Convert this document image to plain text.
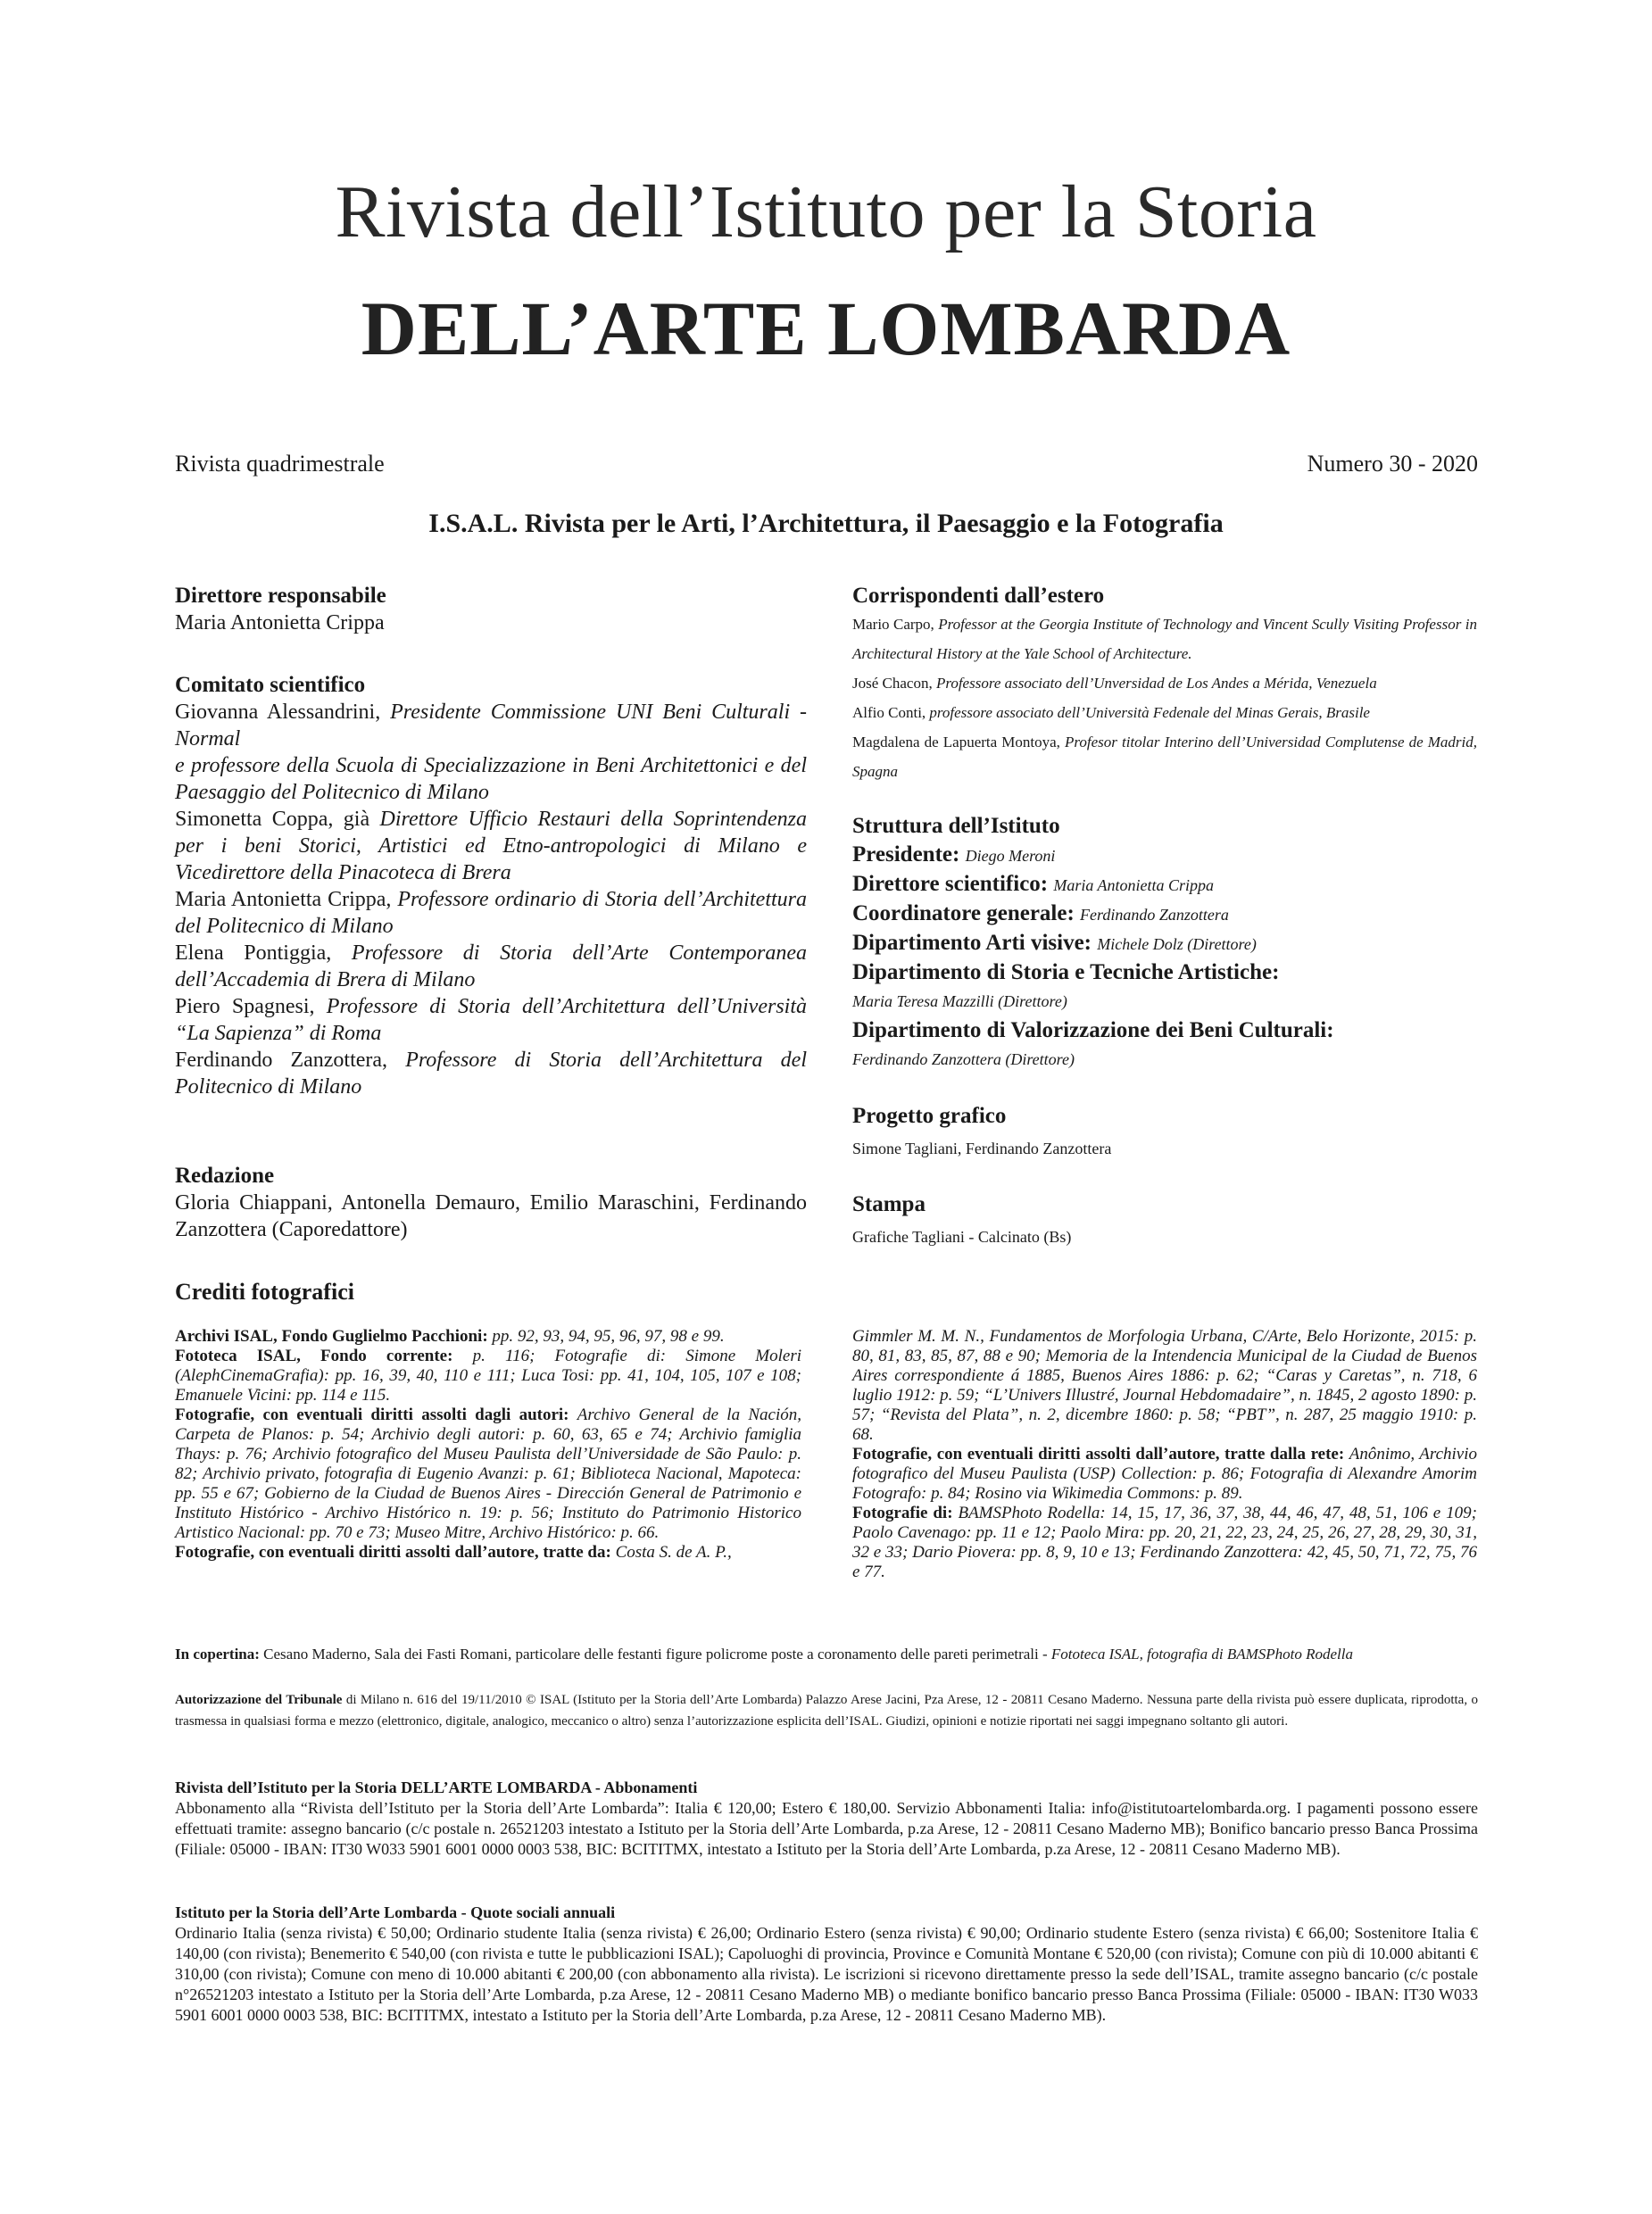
Rivista dell’Istituto per la Storia
DELL’ARTE LOMBARDA
Rivista quadrimestrale	Numero 30 - 2020
I.S.A.L. Rivista per le Arti, l’Architettura, il Paesaggio e la Fotografia

Direttore responsabile

Maria Antonietta Crippa

Comitato scientifico

Giovanna Alessandrini, Presidente Commissione UNI Beni Culturali - Normal

e professore della Scuola di Specializzazione in Beni Architettonici e del Paesaggio del Politecnico di Milano

Simonetta Coppa, già Direttore Ufficio Restauri della Soprintendenza per i beni Storici, Artistici ed Etno-antropologici di Milano e Vicedirettore della Pinacoteca di Brera

Maria Antonietta Crippa, Professore ordinario di Storia dell’Architettura del Politecnico di Milano

Elena Pontiggia, Professore di Storia dell’Arte Contemporanea dell’Accademia di Brera di Milano

Piero Spagnesi, Professore di Storia dell’Architettura dell’Università “La Sapienza” di Roma

Ferdinando Zanzottera, Professore di Storia dell’Architettura del Politecnico di Milano

Redazione

Gloria Chiappani, Antonella Demauro, Emilio Maraschini, Ferdinando Zanzottera (Caporedattore)

Corrispondenti dall’estero

Mario Carpo, Professor at the Georgia Institute of Technology and Vincent Scully Visiting Professor in Architectural History at the Yale School of Architecture.

José Chacon, Professore associato dell’Unversidad de Los Andes a Mérida, Venezuela

Alfio Conti, professore associato dell’Università Fedenale del Minas Gerais, Brasile

Magdalena de Lapuerta Montoya, Profesor titolar Interino dell’Universidad Complutense de Madrid, Spagna

Struttura dell’Istituto

Presidente: Diego Meroni

Direttore scientifico: Maria Antonietta Crippa

Coordinatore generale: Ferdinando Zanzottera

Dipartimento Arti visive: Michele Dolz (Direttore)

Dipartimento di Storia e Tecniche Artistiche:

Maria Teresa Mazzilli (Direttore)

Dipartimento di Valorizzazione dei Beni Culturali:

Ferdinando Zanzottera (Direttore)

Progetto grafico

Simone Tagliani, Ferdinando Zanzottera

Stampa

Grafiche Tagliani - Calcinato (Bs)

Crediti fotografici

Archivi ISAL, Fondo Guglielmo Pacchioni: pp. 92, 93, 94, 95, 96, 97, 98 e 99.

Fototeca ISAL, Fondo corrente: p. 116; Fotografie di: Simone Moleri (AlephCinemaGrafia): pp. 16, 39, 40, 110 e 111; Luca Tosi: pp. 41, 104, 105, 107 e 108; Emanuele Vicini: pp. 114 e 115.

Fotografie, con eventuali diritti assolti dagli autori: Archivo General de la Nación, Carpeta de Planos: p. 54; Archivio degli autori: p. 60, 63, 65 e 74; Archivio famiglia Thays: p. 76; Archivio fotografico del Museu Paulista dell’Universidade de São Paulo: p. 82; Archivio privato, fotografia di Eugenio Avanzi: p. 61; Biblioteca Nacional, Mapoteca: pp. 55 e 67; Gobierno de la Ciudad de Buenos Aires - Dirección General de Patrimonio e Instituto Histórico - Archivo Histórico n. 19: p. 56; Instituto do Patrimonio Historico Artistico Nacional: pp. 70 e 73; Museo Mitre, Archivo Histórico: p. 66.

Fotografie, con eventuali diritti assolti dall’autore, tratte da: Costa S. de A. P.,

Gimmler M. M. N., Fundamentos de Morfologia Urbana, C/Arte, Belo Horizonte, 2015: p. 80, 81, 83, 85, 87, 88 e 90; Memoria de la Intendencia Municipal de la Ciudad de Buenos Aires correspondiente á 1885, Buenos Aires 1886: p. 62; “Caras y Caretas”, n. 718, 6 luglio 1912: p. 59; “L’Univers Illustré, Journal Hebdomadaire”, n. 1845, 2 agosto 1890: p. 57; “Revista del Plata”, n. 2, dicembre 1860: p. 58; “PBT”, n. 287, 25 maggio 1910: p. 68.

Fotografie, con eventuali diritti assolti dall’autore, tratte dalla rete: Anônimo, Archivio fotografico del Museu Paulista (USP) Collection: p. 86; Fotografia di Alexandre Amorim Fotografo: p. 84; Rosino via Wikimedia Commons: p. 89.

Fotografie di: BAMSPhoto Rodella: 14, 15, 17, 36, 37, 38, 44, 46, 47, 48, 51, 106 e 109; Paolo Cavenago: pp. 11 e 12; Paolo Mira: pp. 20, 21, 22, 23, 24, 25, 26, 27, 28, 29, 30, 31, 32 e 33; Dario Piovera: pp. 8, 9, 10 e 13; Ferdinando Zanzottera: 42, 45, 50, 71, 72, 75, 76 e 77.

In copertina: Cesano Maderno, Sala dei Fasti Romani, particolare delle festanti figure policrome poste a coronamento delle pareti perimetrali - Fototeca ISAL, fotografia di BAMSPhoto Rodella
Autorizzazione del Tribunale di Milano n. 616 del 19/11/2010 © ISAL (Istituto per la Storia dell’Arte Lombarda) Palazzo Arese Jacini, Pza Arese, 12 - 20811 Cesano Maderno. Nessuna parte della rivista può essere duplicata, riprodotta, o trasmessa in qualsiasi forma e mezzo (elettronico, digitale, analogico, meccanico o altro) senza l’autorizzazione esplicita dell’ISAL. Giudizi, opinioni e notizie riportati nei saggi impegnano soltanto gli autori.

Rivista dell’Istituto per la Storia DELL’ARTE LOMBARDA - Abbonamenti

Abbonamento alla “Rivista dell’Istituto per la Storia dell’Arte Lombarda”: Italia € 120,00; Estero € 180,00. Servizio Abbonamenti Italia: info@istitutoartelombarda.org. I pagamenti possono essere effettuati tramite: assegno bancario (c/c postale n. 26521203 intestato a Istituto per la Storia dell’Arte Lombarda, p.za Arese, 12 - 20811 Cesano Maderno MB); Bonifico bancario presso Banca Prossima (Filiale: 05000 - IBAN: IT30 W033 5901 6001 0000 0003 538, BIC: BCITITMX, intestato a Istituto per la Storia dell’Arte Lombarda, p.za Arese, 12 - 20811 Cesano Maderno MB).

Istituto per la Storia dell’Arte Lombarda - Quote sociali annuali

Ordinario Italia (senza rivista) € 50,00; Ordinario studente Italia (senza rivista) € 26,00; Ordinario Estero (senza rivista) € 90,00; Ordinario studente Estero (senza rivista) € 66,00; Sostenitore Italia € 140,00 (con rivista); Benemerito € 540,00 (con rivista e tutte le pubblicazioni ISAL); Capoluoghi di provincia, Province e Comunità Montane € 520,00 (con rivista); Comune con più di 10.000 abitanti € 310,00 (con rivista); Comune con meno di 10.000 abitanti € 200,00 (con abbonamento alla rivista). Le iscrizioni si ricevono direttamente presso la sede dell’ISAL, tramite assegno bancario (c/c postale n°26521203 intestato a Istituto per la Storia dell’Arte Lombarda, p.za Arese, 12 - 20811 Cesano Maderno MB) o mediante bonifico bancario presso Banca Prossima (Filiale: 05000 - IBAN: IT30 W033 5901 6001 0000 0003 538, BIC: BCITITMX, intestato a Istituto per la Storia dell’Arte Lombarda, p.za Arese, 12 - 20811 Cesano Maderno MB).
